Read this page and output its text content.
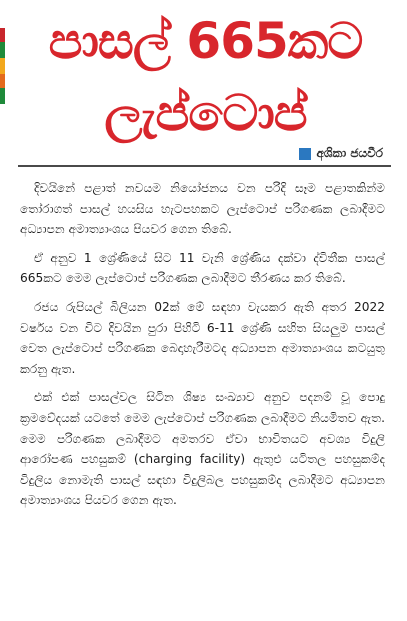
පාසල් 665කට
ලැප්ටොප්
අශිකා ජයවීර

දිවයිනේ පළාත් නවයම නියෝජනය වන පරිදි සෑම පළාතකින්ම තෝරාගත් පාසල් හයසිය හැටපහකට ලැප්ටොප් පරිගණක ලබාදීමට අධ්‍යාපන අමාත්‍යාංශය පියවර ගෙන තිබේ.

ඒ අනුව 1 ශ්‍රේණියේ සිට 11 වැනි ශ්‍රේණිය දක්වා ද්විතීක පාසල් 665කට මෙම ලැප්ටොප් පරිගණක ලබාදීමට තීරණය කර තිබේ.

රජය රුපියල් බිලියන 02ක් මේ සඳහා වැයකර ඇති අතර 2022 වර්ෂය වන විට දිවයින පුරා පිහිටි 6-11 ශ්‍රේණි සහිත සියලුම පාසල් වෙත ලැප්ටොප් පරිගණක බෙදාහැරීමටද අධ්‍යාපන අමාත්‍යාංශය කටයුතු කරනු ඇත.

එක් එක් පාසල්වල සිටින ශිෂ්‍ය සංඛ්‍යාව අනුව පදනම් වූ පොදු ක්‍රමවේදයක් යටතේ මෙම ලැප්ටොප් පරිගණක ලබාදීමට නියමිතව ඇත. මෙම පරිගණක ලබාදීමට අමතරව ඒවා භාවිතයට අවශ්‍ය විදුලි ආරෝපණ පහසුකම් (charging facility) ඇතුළු යටිතල පහසුකම්ද විදුලිය නොමැති පාසල් සඳහා විදුලිබල පහසුකම්ද ලබාදීමට අධ්‍යාපන අමාත්‍යාංශය පියවර ගෙන ඇත.
